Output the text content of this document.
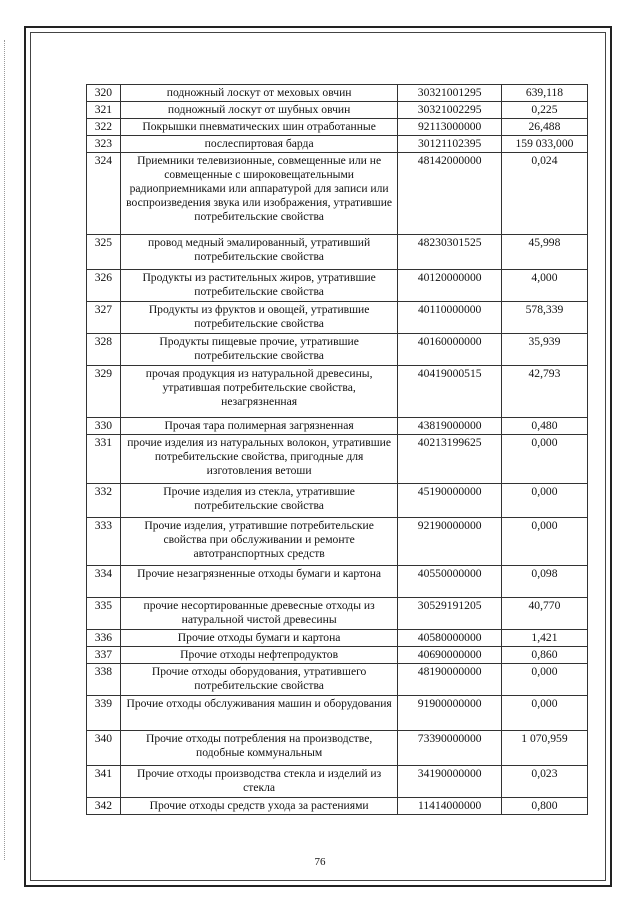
320	подножный лоскут от меховых овчин	30321001295	639,118
321	подножный лоскут от шубных овчин	30321002295	0,225
322	Покрышки пневматических шин отработанные	92113000000	26,488
323	послеспиртовая барда	30121102395	159 033,000
324	Приемники телевизионные, совмещенные или не совмещенные с широковещательными радиоприемниками или аппаратурой для записи или воспроизведения звука или изображения, утратившие потребительские свойства	48142000000	0,024
325	провод медный эмалированный, утративший потребительские свойства	48230301525	45,998
326	Продукты из растительных жиров, утратившие потребительские свойства	40120000000	4,000
327	Продукты из фруктов и овощей, утратившие потребительские свойства	40110000000	578,339
328	Продукты пищевые прочие, утратившие потребительские свойства	40160000000	35,939
329	прочая продукция из натуральной древесины, утратившая потребительские свойства, незагрязненная	40419000515	42,793
330	Прочая тара полимерная загрязненная	43819000000	0,480
331	прочие изделия из натуральных волокон, утратившие потребительские свойства, пригодные для изготовления ветоши	40213199625	0,000
332	Прочие изделия из стекла, утратившие потребительские свойства	45190000000	0,000
333	Прочие изделия, утратившие потребительские свойства при обслуживании и ремонте автотранспортных средств	92190000000	0,000
334	Прочие незагрязненные отходы бумаги и картона	40550000000	0,098
335	прочие несортированные древесные отходы из натуральной чистой древесины	30529191205	40,770
336	Прочие отходы бумаги и картона	40580000000	1,421
337	Прочие отходы нефтепродуктов	40690000000	0,860
338	Прочие отходы оборудования, утратившего потребительские свойства	48190000000	0,000
339	Прочие отходы обслуживания машин и оборудования	91900000000	0,000
340	Прочие отходы потребления на производстве, подобные коммунальным	73390000000	1 070,959
341	Прочие отходы производства стекла и изделий из стекла	34190000000	0,023
342	Прочие отходы средств ухода за растениями	11414000000	0,800
76
